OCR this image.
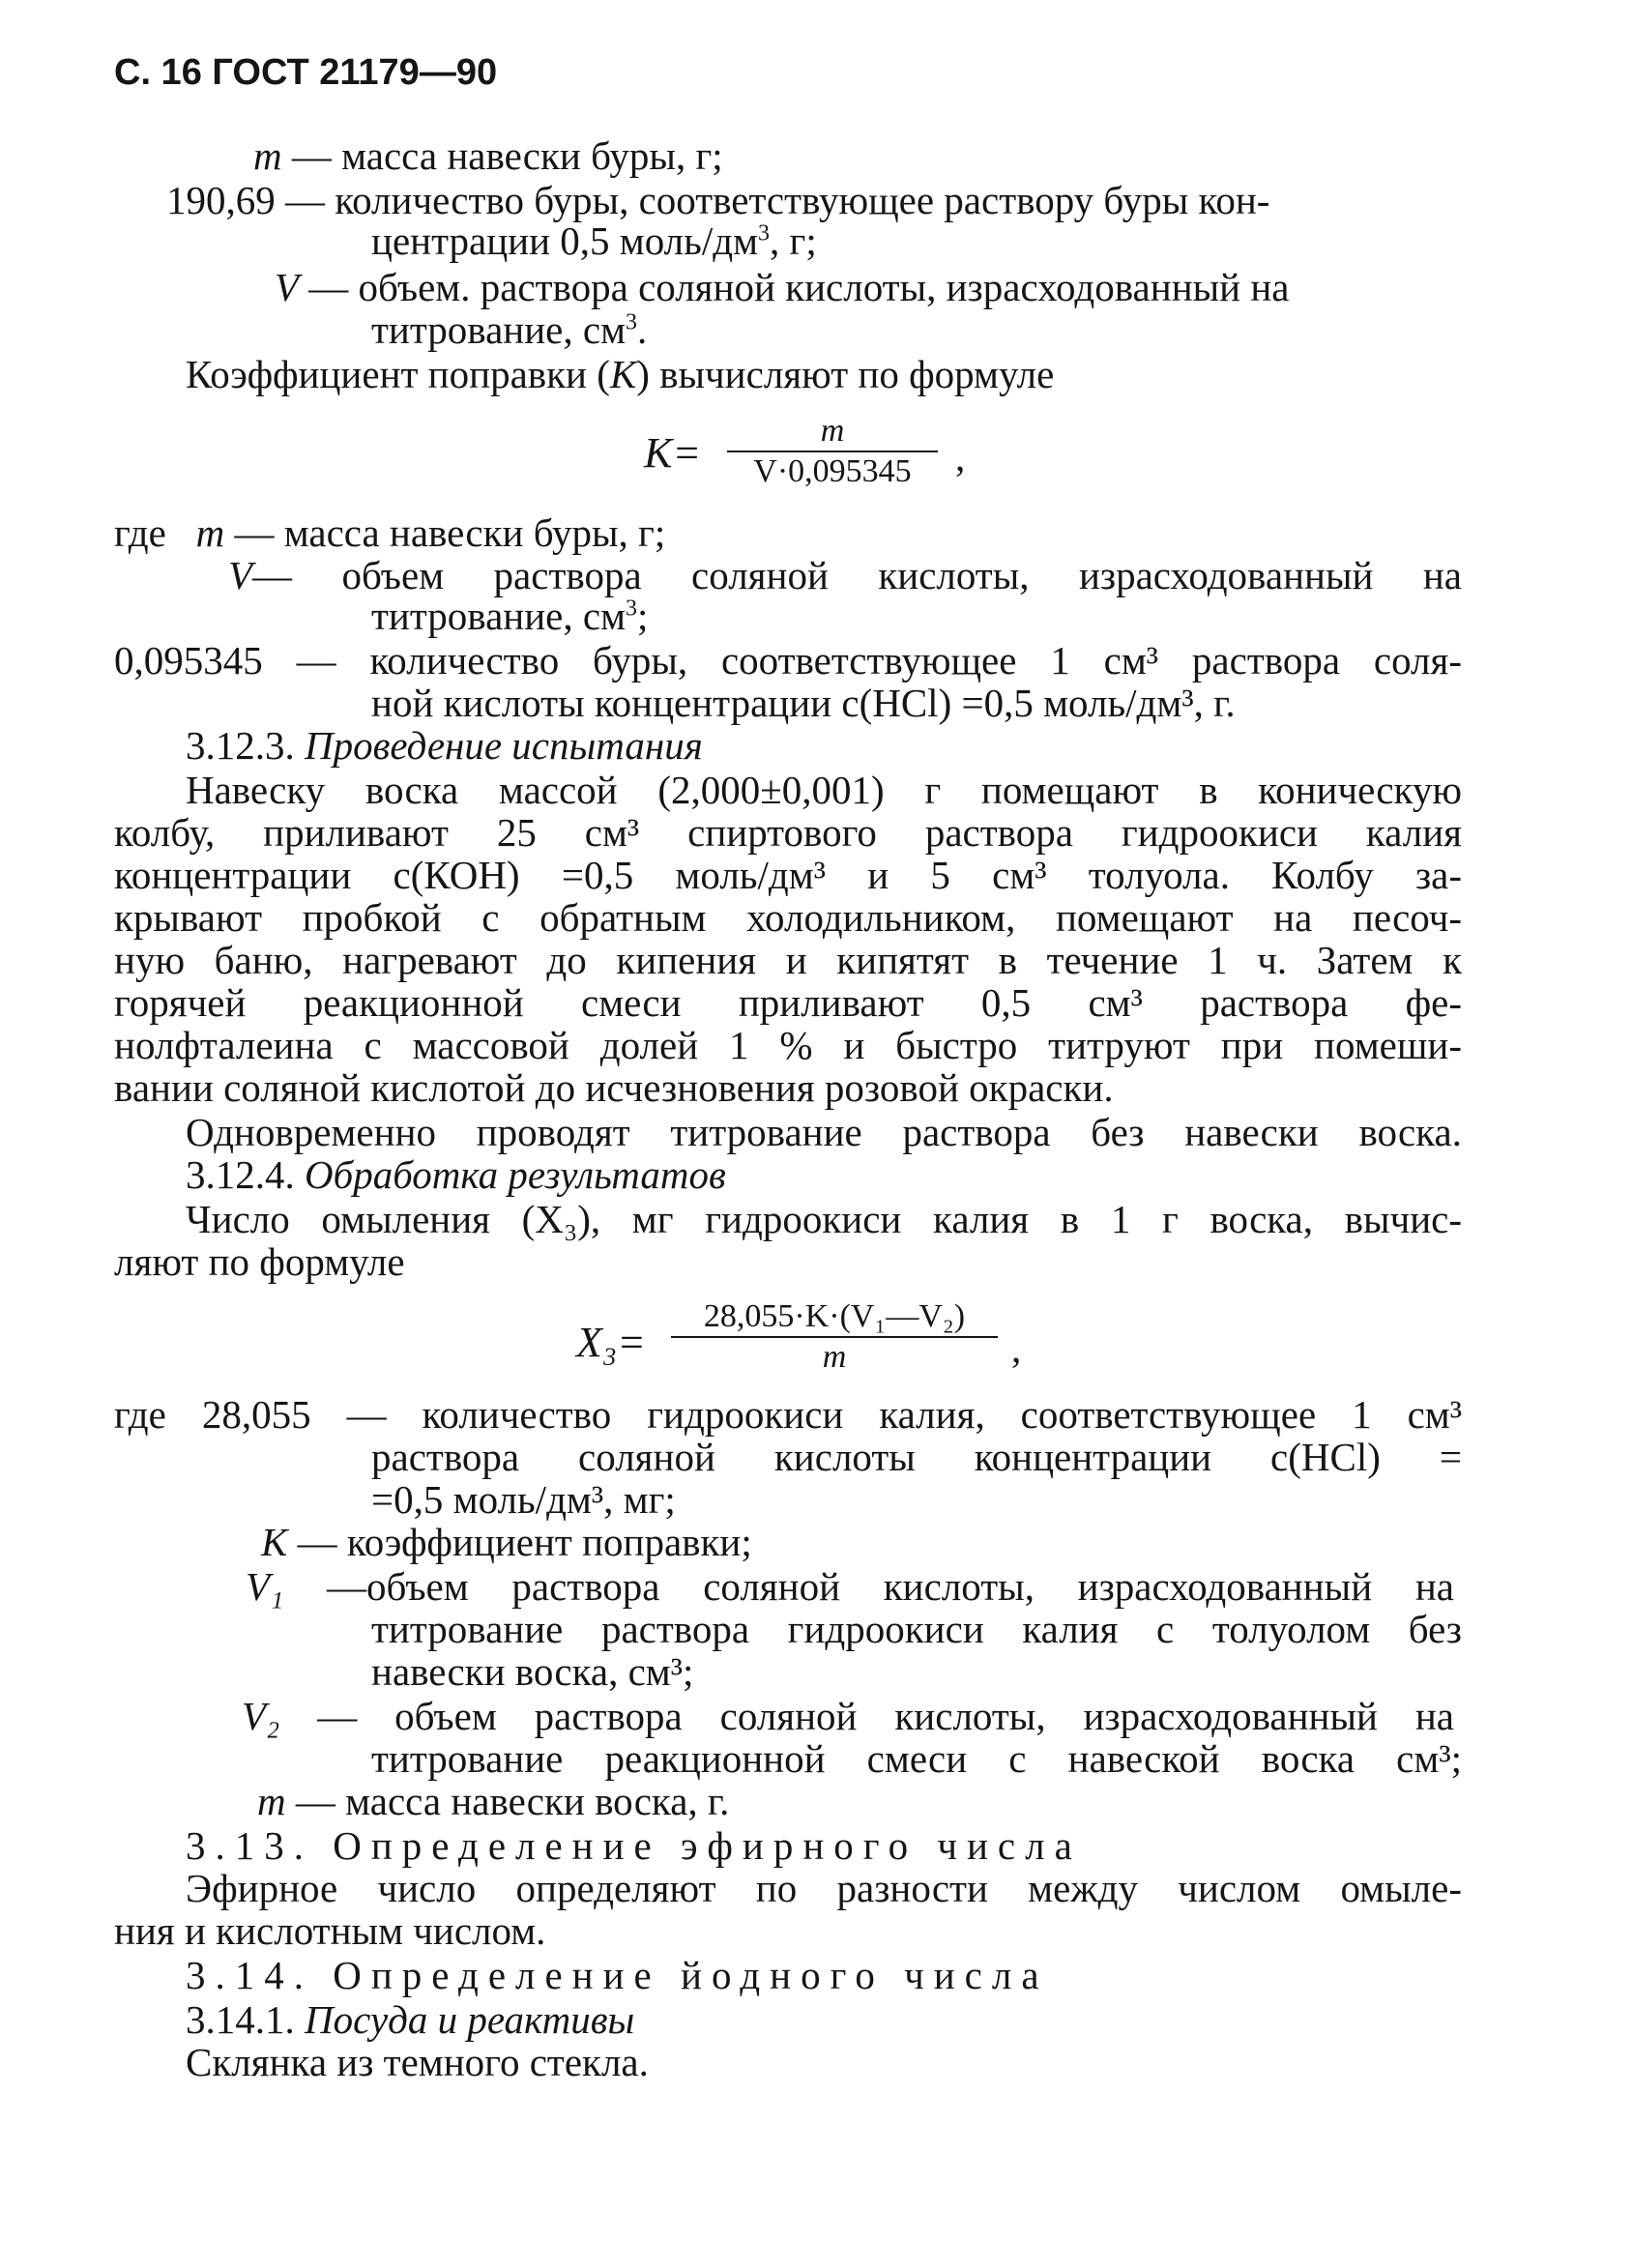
С. 16 ГОСТ 21179—90
m — масса навески буры, г;
190,69 — количество буры, соответствующее раствору буры кон-
центрации 0,5 моль/$дм^3$, г;
V — объем. раствора соляной кислоты, израсходованный на
титрование, $см^3$.
Коэффициент поправки (K) вычисляют по формуле
K=	m
V·0,095345	,
где m — масса навески буры, г;
V— объем раствора соляной кислоты, израсходованный на
титрование, $см^3$;
0,095345 — количество буры, соответствующее 1 см³ раствора соля-
ной кислоты концентрации c(HCl) =0,5 моль/дм³, г.
3.12.3. Проведение испытания
Навеску воска массой (2,000±0,001) г помещают в коническую
колбу, приливают 25 см³ спиртового раствора гидроокиси калия
концентрации с(КОН) =0,5 моль/дм³ и 5 см³ толуола. Колбу за-
крывают пробкой с обратным холодильником, помещают на песоч-
ную баню, нагревают до кипения и кипятят в течение 1 ч. Затем к
горячей реакционной смеси приливают 0,5 см³ раствора фе-
нолфталеина с массовой долей 1 % и быстро титруют при помеши-
вании соляной кислотой до исчезновения розовой окраски.
Одновременно проводят титрование раствора без навески воска.
3.12.4. Обработка результатов
Число омыления (X₃), мг гидроокиси калия в 1 г воска, вычис-
ляют по формуле
X₃=
28,055·K·(V₁—V₂)
m	,
где 28,055 — количество гидроокиси калия, соответствующее 1 см³
раствора соляной кислоты концентрации c(HCl) =
=0,5 моль/дм³, мг;
K — коэффициент поправки;
V₁ —объем раствора соляной кислоты, израсходованный на
титрование раствора гидроокиси калия с толуолом без
навески воска, см³;
V₂ — объем раствора соляной кислоты, израсходованный на
титрование реакционной смеси с навеской воска см³;
m — масса навески воска, г.
3.13. Определение эфирного числа
Эфирное число определяют по разности между числом омыле-
ния и кислотным числом.
3.14. Определение йодного числа
3.14.1. Посуда и реактивы
Склянка из темного стекла.
